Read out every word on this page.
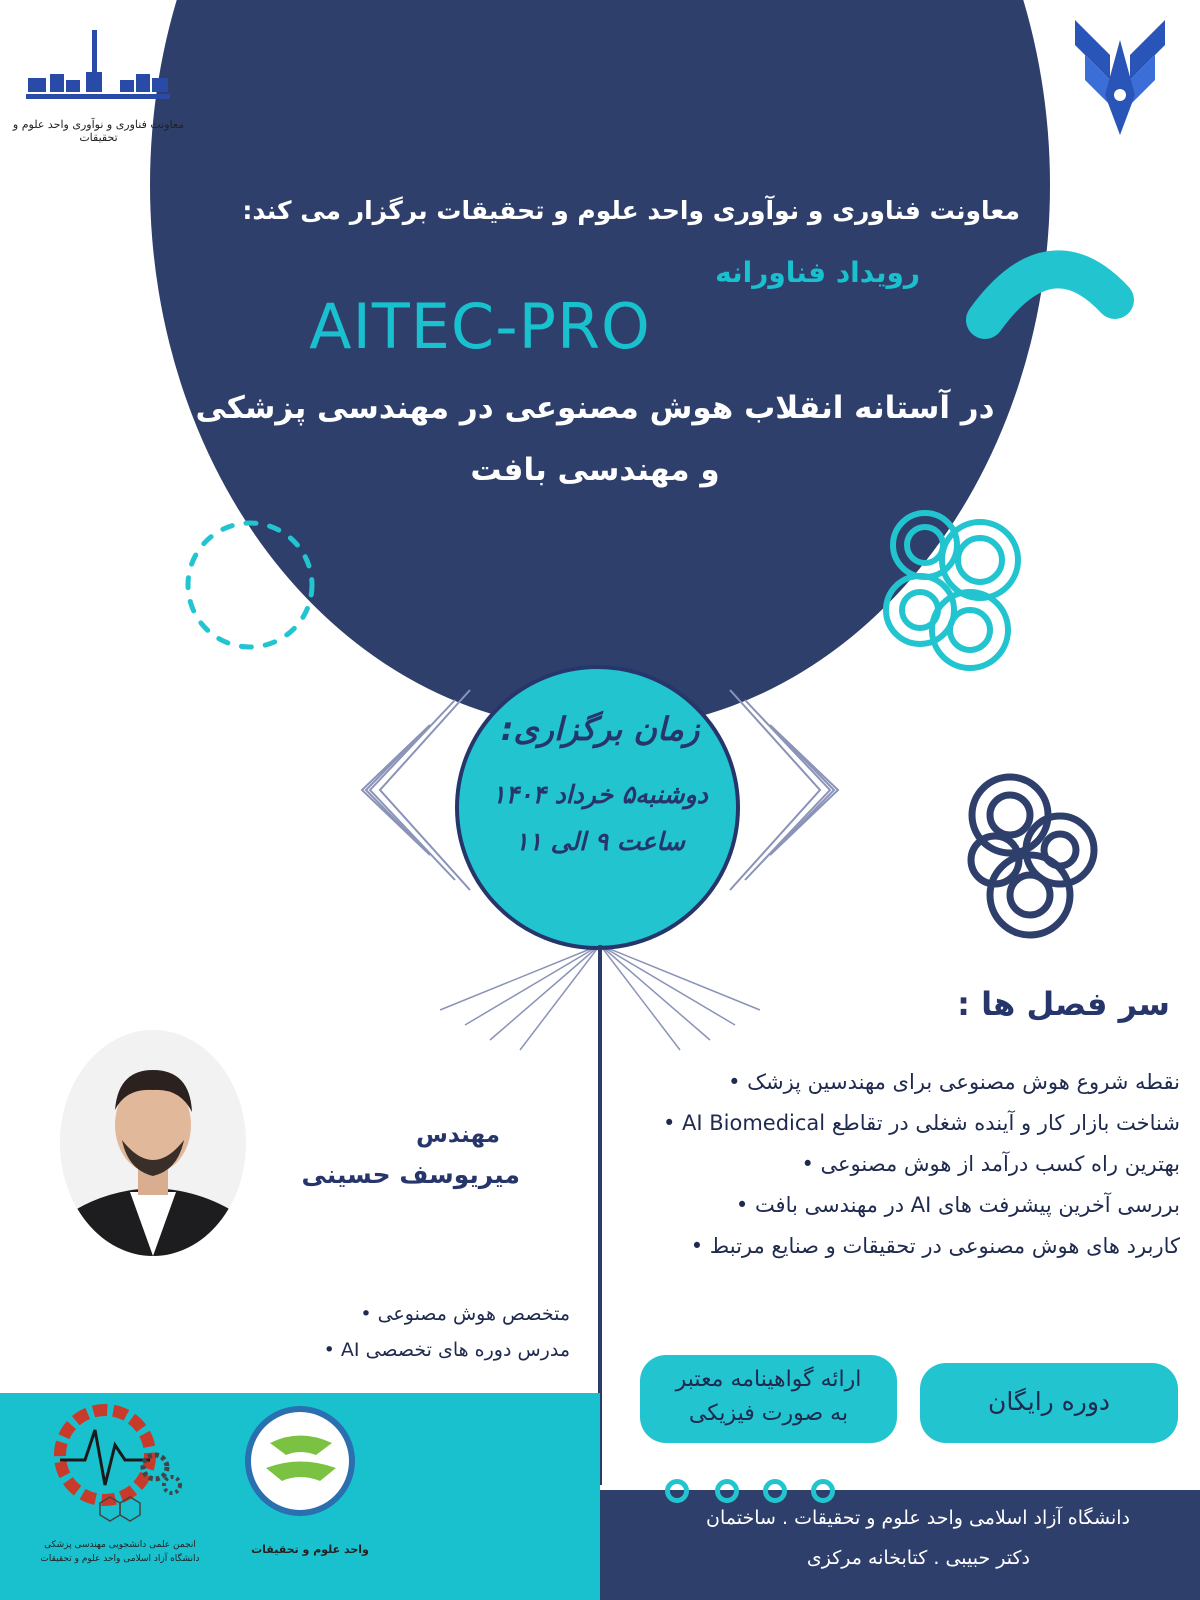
معاونت فناوری و نوآوری واحد علوم و تحقیقات
معاونت فناوری و نوآوری واحد علوم و تحقیقات برگزار می کند:
رویداد فناورانه
AITEC-PRO
در آستانه انقلاب هوش مصنوعی در مهندسی پزشکی
و مهندسی بافت
زمان برگزاری:
دوشنبه۵ خرداد ۱۴۰۴
ساعت ۹ الی ۱۱
سر فصل ها :
نقطه شروع هوش مصنوعی برای مهندسین پزشک •
شناخت بازار کار و آینده شغلی در تقاطع AI Biomedical •
بهترین راه کسب درآمد از هوش مصنوعی •
بررسی آخرین پیشرفت های AI در مهندسی بافت •
کاربرد های هوش مصنوعی در تحقیقات و صنایع مرتبط •
مهندس
میریوسف حسینی
متخصص هوش مصنوعی •
مدرس دوره های تخصصی AI •
انجمن علمی دانشجویی مهندسی پزشکی
دانشگاه آزاد اسلامی واحد علوم و تحقیقات
واحد علوم و تحقیقات
ارائه گواهینامه معتبر
به صورت فیزیکی	دوره رایگان
دانشگاه آزاد اسلامی واحد علوم و تحقیقات . ساختمان
دکتر حبیبی . کتابخانه مرکزی
